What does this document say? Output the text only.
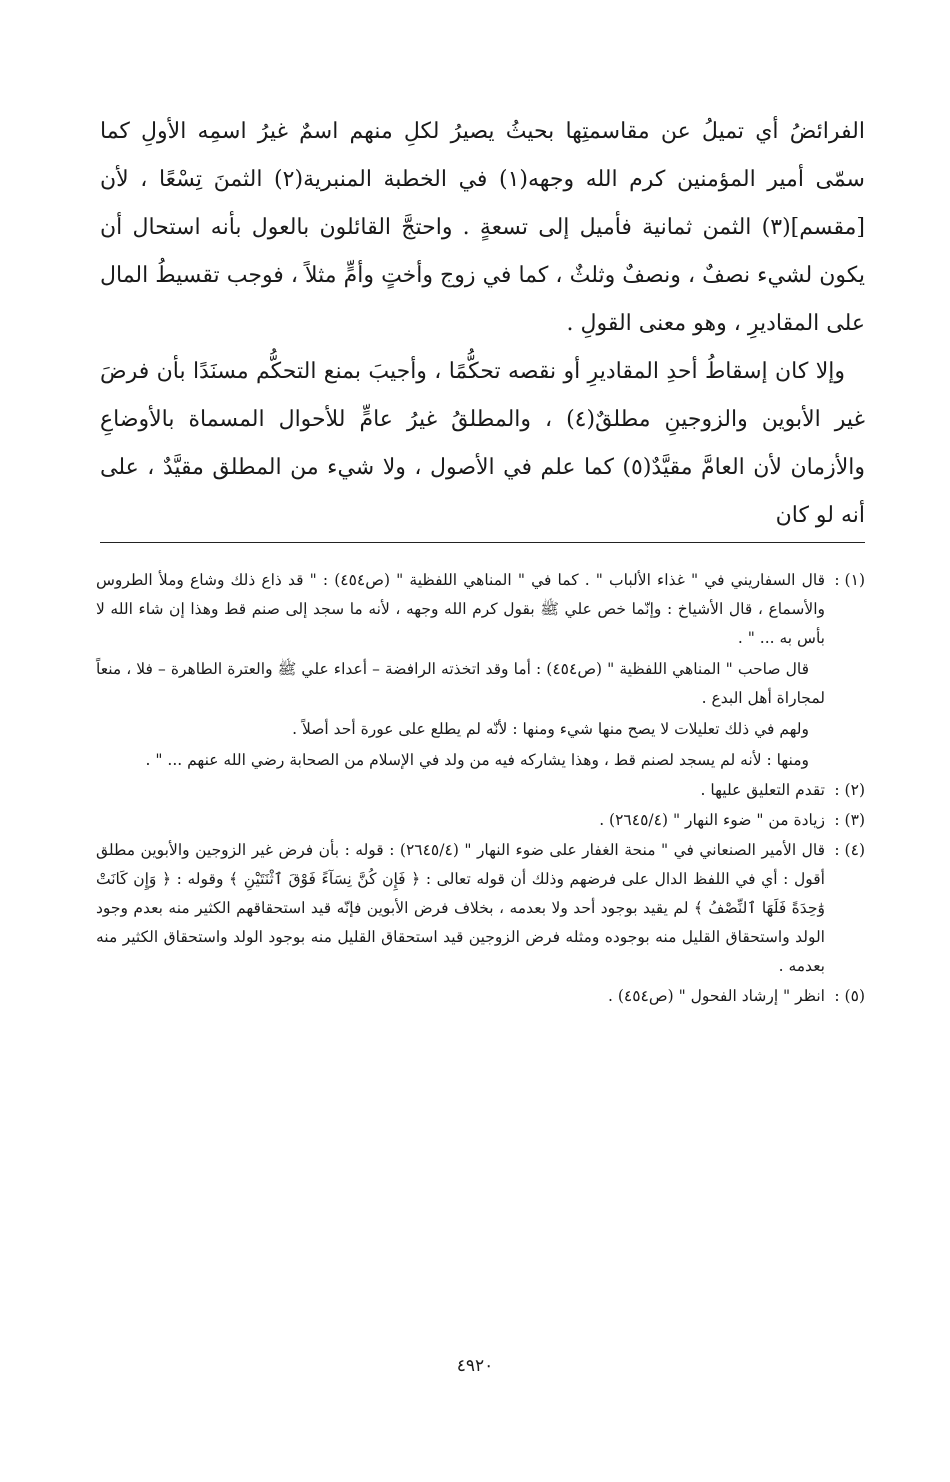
الفرائضُ أي تميلُ عن مقاسمتِها بحيثُ يصيرُ لكلِ منهم اسمٌ غيرُ اسمِه الأولِ كما سمّى أمير المؤمنين كرم الله وجهه(١) في الخطبة المنبرية(٢) الثمنَ تِسْعًا ، لأن [مقسم](٣) الثمن ثمانية فأميل إلى تسعةٍ . واحتجَّ القائلون بالعول بأنه استحال أن يكون لشيء نصفٌ ، ونصفٌ وثلثٌ ، كما في زوج وأختٍ وأمٍّ مثلاً ، فوجب تقسيطُ المال على المقاديرِ ، وهو معنى القولِ .

وإلا كان إسقاطُ أحدِ المقاديرِ أو نقصه تحكُّمًا ، وأجيبَ بمنع التحكُّم مسنَدًا بأن فرضَ غير الأبوين والزوجينِ مطلقٌ(٤) ، والمطلقُ غيرُ عامٍّ للأحوال المسماة بالأوضاعِ والأزمان لأن العامَّ مقيَّدٌ(٥) كما علم في الأصول ، ولا شيء من المطلق مقيَّدٌ ، على أنه لو كان

(١) :

قال السفاريني في " غذاء الألباب " . كما في " المناهي اللفظية " (ص٤٥٤) : " قد ذاع ذلك وشاع وملأ الطروس والأسماع ، قال الأشياخ : وإنّما خص علي ﷺ بقول كرم الله وجهه ، لأنه ما سجد إلى صنم قط وهذا إن شاء الله لا بأس به ... " .

قال صاحب " المناهي اللفظية " (ص٤٥٤) : أما وقد اتخذته الرافضة – أعداء علي ﷺ والعترة الطاهرة – فلا ، منعاً لمجاراة أهل البدع .

ولهم في ذلك تعليلات لا يصح منها شيء ومنها : لأنّه لم يطلع على عورة أحد أصلاً .

ومنها : لأنه لم يسجد لصنم قط ، وهذا يشاركه فيه من ولد في الإسلام من الصحابة رضي الله عنهم ... " .

(٢) :

تقدم التعليق عليها .

(٣) :

زيادة من " ضوء النهار " (٢٦٤٥/٤) .

(٤) :

قال الأمير الصنعاني في " منحة الغفار على ضوء النهار " (٢٦٤٥/٤) : قوله : بأن فرض غير الزوجين والأبوين مطلق أقول : أي في اللفظ الدال على فرضهم وذلك أن قوله تعالى : ﴿ فَإِن كُنَّ نِسَآءً فَوْقَ ٱثْنَتَيْنِ ﴾ وقوله : ﴿ وَإِن كَانَتْ وَٰحِدَةً فَلَهَا ٱلنِّصْفُ ﴾ لم يقيد بوجود أحد ولا بعدمه ، بخلاف فرض الأبوين فإنّه قيد استحقاقهم الكثير منه بعدم وجود الولد واستحقاق القليل منه بوجوده ومثله فرض الزوجين قيد استحقاق القليل منه بوجود الولد واستحقاق الكثير منه بعدمه .

(٥) :

انظر " إرشاد الفحول " (ص٤٥٤) .

٤٩٢٠
